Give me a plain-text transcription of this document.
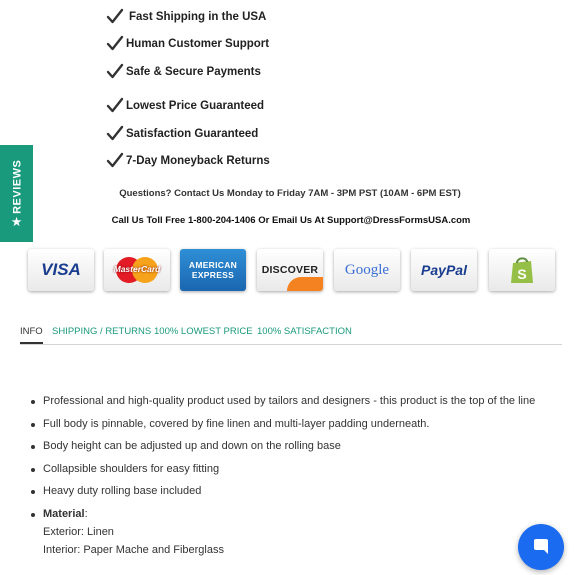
Fast Shipping in the USA
Human Customer Support
Safe & Secure Payments
Lowest Price Guaranteed
Satisfaction Guaranteed
7-Day Moneyback Returns
Questions? Contact Us Monday to Friday 7AM - 3PM PST (10AM - 6PM EST)
Call Us Toll Free 1-800-204-1406 Or Email Us At Support@DressFormsUSA.com
VISA	MasterCard	AMERICAN EXPRESS	DISCOVER Google PayPal	S
★
REVIEWS
INFO SHIPPING / RETURNS 100% LOWEST PRICE 100% SATISFACTION
Professional and high-quality product used by tailors and designers - this product is the top of the line
Full body is pinnable, covered by fine linen and multi-layer padding underneath.
Body height can be adjusted up and down on the rolling base
Collapsible shoulders for easy fitting
Heavy duty rolling base included
Material:
Exterior: Linen
Interior: Paper Mache and Fiberglass
